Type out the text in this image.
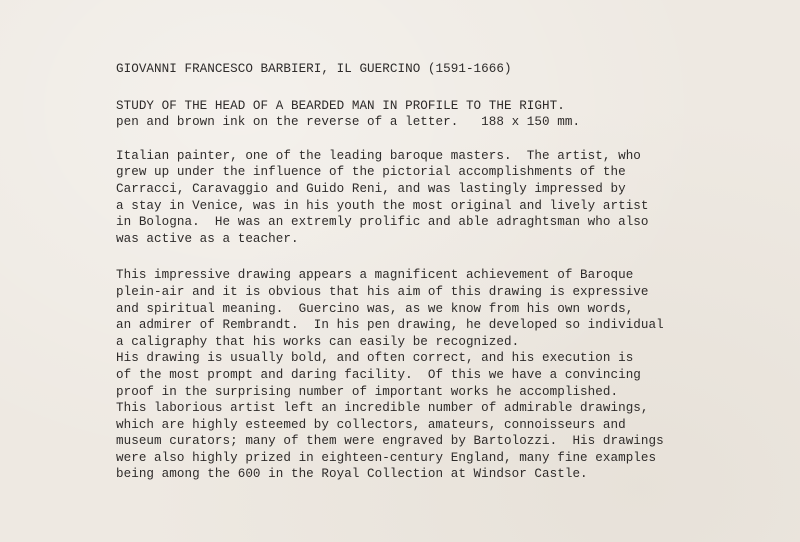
GIOVANNI FRANCESCO BARBIERI, IL GUERCINO (1591-1666)
STUDY OF THE HEAD OF A BEARDED MAN IN PROFILE TO THE RIGHT.
pen and brown ink on the reverse of a letter.   188 x 150 mm.
Italian painter, one of the leading baroque masters.  The artist, who
grew up under the influence of the pictorial accomplishments of the
Carracci, Caravaggio and Guido Reni, and was lastingly impressed by
a stay in Venice, was in his youth the most original and lively artist
in Bologna.  He was an extremly prolific and able adraghtsman who also
was active as a teacher.
This impressive drawing appears a magnificent achievement of Baroque
plein-air and it is obvious that his aim of this drawing is expressive
and spiritual meaning.  Guercino was, as we know from his own words,
an admirer of Rembrandt.  In his pen drawing, he developed so individual
a caligraphy that his works can easily be recognized.
His drawing is usually bold, and often correct, and his execution is
of the most prompt and daring facility.  Of this we have a convincing
proof in the surprising number of important works he accomplished.
This laborious artist left an incredible number of admirable drawings,
which are highly esteemed by collectors, amateurs, connoisseurs and
museum curators; many of them were engraved by Bartolozzi.  His drawings
were also highly prized in eighteen-century England, many fine examples
being among the 600 in the Royal Collection at Windsor Castle.
